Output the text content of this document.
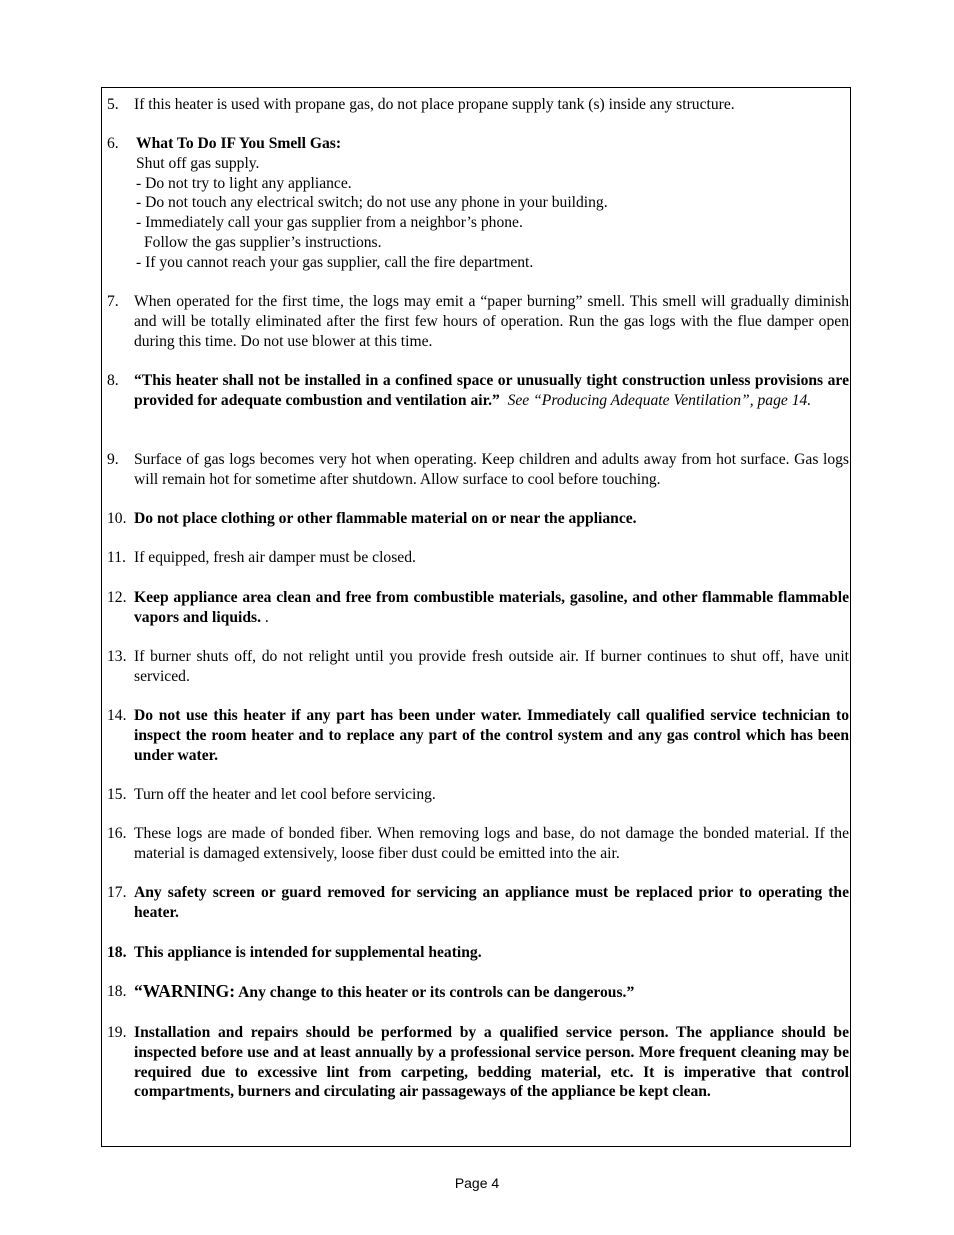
5. If this heater is used with propane gas, do not place propane supply tank (s) inside any structure.
6. What To Do IF You Smell Gas:
Shut off gas supply.
- Do not try to light any appliance.
- Do not touch any electrical switch; do not use any phone in your building.
- Immediately call your gas supplier from a neighbor’s phone.
Follow the gas supplier’s instructions.
- If you cannot reach your gas supplier, call the fire department.
7. When operated for the first time, the logs may emit a “paper burning” smell. This smell will gradually diminish and will be totally eliminated after the first few hours of operation. Run the gas logs with the flue damper open during this time. Do not use blower at this time.
8. “This heater shall not be installed in a confined space or unusually tight construction unless provisions are provided for adequate combustion and ventilation air.” See “Producing Adequate Ventilation”, page 14.
9. Surface of gas logs becomes very hot when operating. Keep children and adults away from hot surface. Gas logs will remain hot for sometime after shutdown. Allow surface to cool before touching.
10. Do not place clothing or other flammable material on or near the appliance.
11. If equipped, fresh air damper must be closed.
12. Keep appliance area clean and free from combustible materials, gasoline, and other flammable flammable vapors and liquids. .
13. If burner shuts off, do not relight until you provide fresh outside air. If burner continues to shut off, have unit serviced.
14. Do not use this heater if any part has been under water. Immediately call qualified service technician to inspect the room heater and to replace any part of the control system and any gas control which has been under water.
15. Turn off the heater and let cool before servicing.
16. These logs are made of bonded fiber. When removing logs and base, do not damage the bonded material. If the material is damaged extensively, loose fiber dust could be emitted into the air.
17. Any safety screen or guard removed for servicing an appliance must be replaced prior to operating the heater.
18. This appliance is intended for supplemental heating.
18. “WARNING: Any change to this heater or its controls can be dangerous.”
19. Installation and repairs should be performed by a qualified service person. The appliance should be inspected before use and at least annually by a professional service person. More frequent cleaning may be required due to excessive lint from carpeting, bedding material, etc. It is imperative that control compartments, burners and circulating air passageways of the appliance be kept clean.
Page 4
